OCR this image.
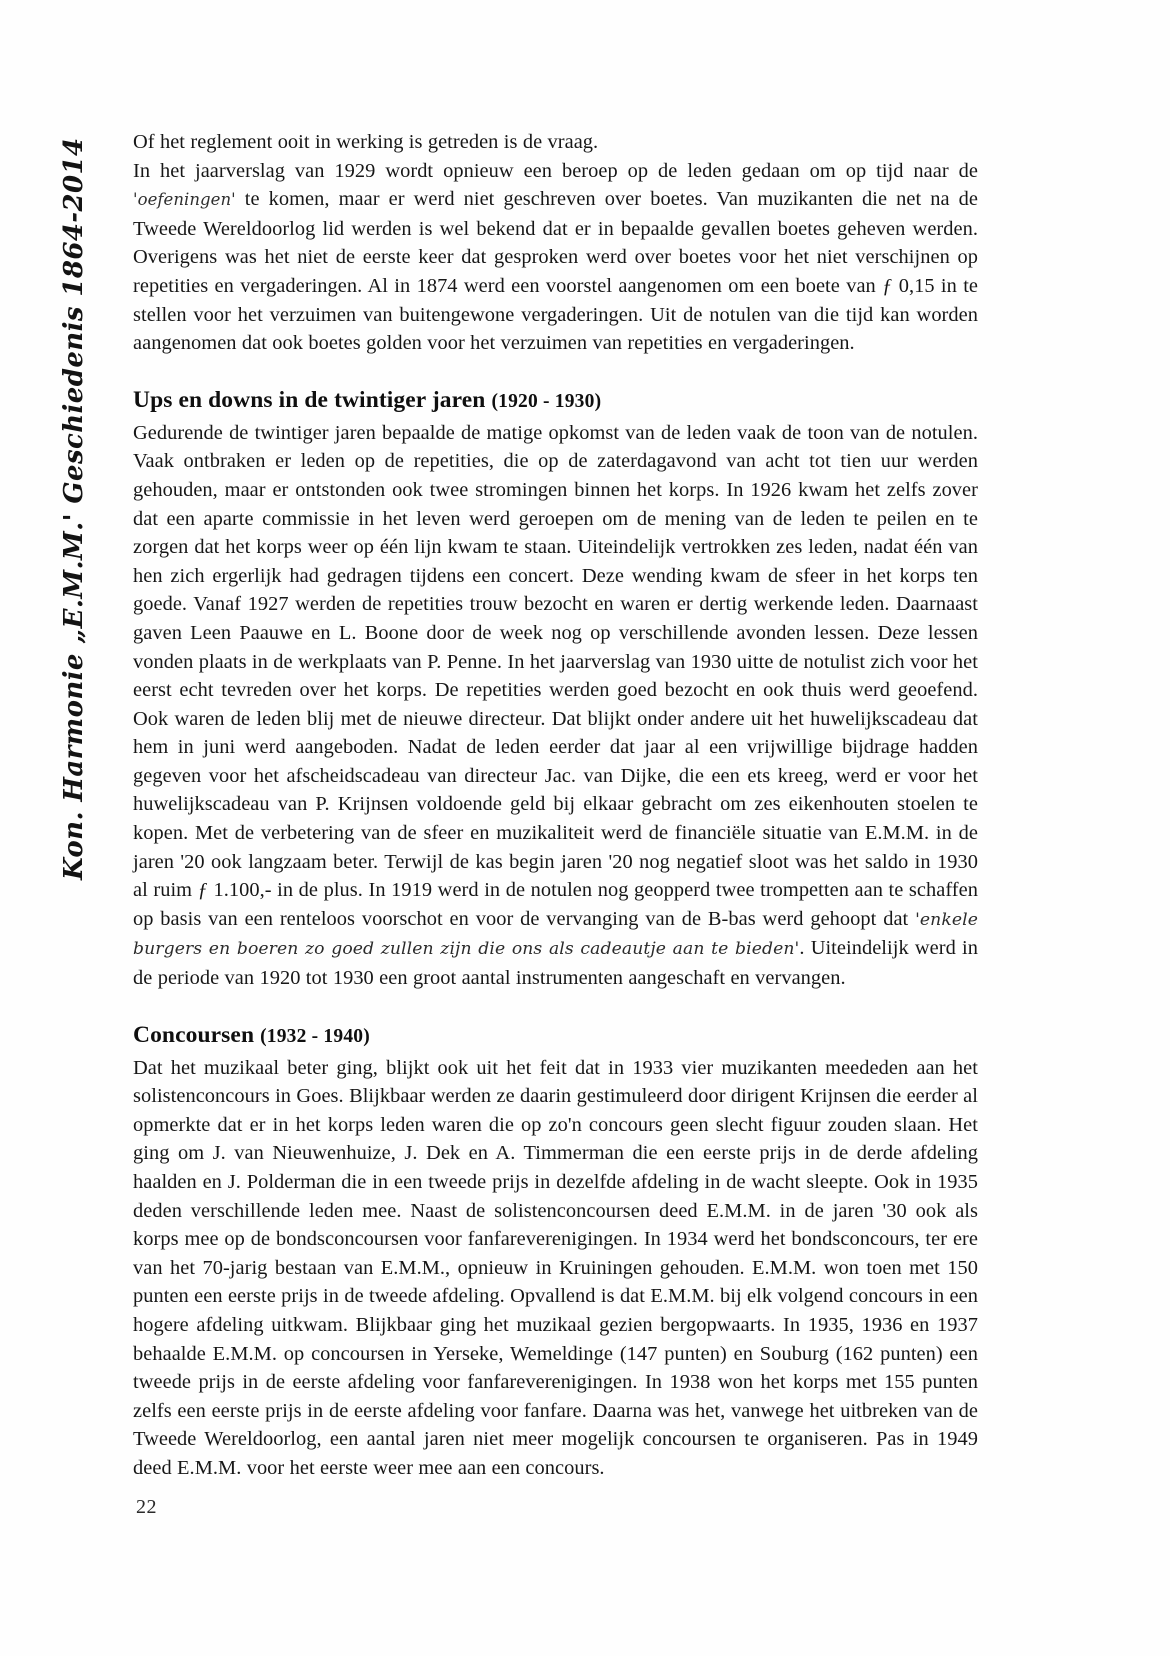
Kon. Harmonie „E.M.M.' Geschiedenis 1864-2014	Of het reglement ooit in werking is getreden is de vraag.

In het jaarverslag van 1929 wordt opnieuw een beroep op de leden gedaan om op tijd naar de 'oefeningen' te komen, maar er werd niet geschreven over boetes. Van muzikanten die net na de Tweede Wereldoorlog lid werden is wel bekend dat er in bepaalde gevallen boetes geheven werden. Overigens was het niet de eerste keer dat gesproken werd over boetes voor het niet verschijnen op repetities en vergaderingen. Al in 1874 werd een voorstel aangenomen om een boete van ƒ 0,15 in te stellen voor het verzuimen van buitengewone vergaderingen. Uit de notulen van die tijd kan worden aangenomen dat ook boetes golden voor het verzuimen van repetities en vergaderingen.

Ups en downs in de twintiger jaren (1920 - 1930)

Gedurende de twintiger jaren bepaalde de matige opkomst van de leden vaak de toon van de notulen. Vaak ontbraken er leden op de repetities, die op de zaterdagavond van acht tot tien uur werden gehouden, maar er ontstonden ook twee stromingen binnen het korps. In 1926 kwam het zelfs zover dat een aparte commissie in het leven werd geroepen om de mening van de leden te peilen en te zorgen dat het korps weer op één lijn kwam te staan. Uiteindelijk vertrokken zes leden, nadat één van hen zich ergerlijk had gedragen tijdens een concert. Deze wending kwam de sfeer in het korps ten goede. Vanaf 1927 werden de repetities trouw bezocht en waren er dertig werkende leden. Daarnaast gaven Leen Paauwe en L. Boone door de week nog op verschillende avonden lessen. Deze lessen vonden plaats in de werkplaats van P. Penne. In het jaarverslag van 1930 uitte de notulist zich voor het eerst echt tevreden over het korps. De repetities werden goed bezocht en ook thuis werd geoefend. Ook waren de leden blij met de nieuwe directeur. Dat blijkt onder andere uit het huwelijkscadeau dat hem in juni werd aangeboden. Nadat de leden eerder dat jaar al een vrijwillige bijdrage hadden gegeven voor het afscheidscadeau van directeur Jac. van Dijke, die een ets kreeg, werd er voor het huwelijkscadeau van P. Krijnsen voldoende geld bij elkaar gebracht om zes eikenhouten stoelen te kopen. Met de verbetering van de sfeer en muzikaliteit werd de financiële situatie van E.M.M. in de jaren '20 ook langzaam beter. Terwijl de kas begin jaren '20 nog negatief sloot was het saldo in 1930 al ruim ƒ 1.100,- in de plus. In 1919 werd in de notulen nog geopperd twee trompetten aan te schaffen op basis van een renteloos voorschot en voor de vervanging van de B-bas werd gehoopt dat 'enkele burgers en boeren zo goed zullen zijn die ons als cadeautje aan te bieden'. Uiteindelijk werd in de periode van 1920 tot 1930 een groot aantal instrumenten aangeschaft en vervangen.

Concoursen (1932 - 1940)

Dat het muzikaal beter ging, blijkt ook uit het feit dat in 1933 vier muzikanten meededen aan het solistenconcours in Goes. Blijkbaar werden ze daarin gestimuleerd door dirigent Krijnsen die eerder al opmerkte dat er in het korps leden waren die op zo'n concours geen slecht figuur zouden slaan. Het ging om J. van Nieuwenhuize, J. Dek en A. Timmerman die een eerste prijs in de derde afdeling haalden en J. Polderman die in een tweede prijs in dezelfde afdeling in de wacht sleepte. Ook in 1935 deden verschillende leden mee. Naast de solistenconcoursen deed E.M.M. in de jaren '30 ook als korps mee op de bondsconcoursen voor fanfareverenigingen. In 1934 werd het bondsconcours, ter ere van het 70-jarig bestaan van E.M.M., opnieuw in Kruiningen gehouden. E.M.M. won toen met 150 punten een eerste prijs in de tweede afdeling. Opvallend is dat E.M.M. bij elk volgend concours in een hogere afdeling uitkwam. Blijkbaar ging het muzikaal gezien bergopwaarts. In 1935, 1936 en 1937 behaalde E.M.M. op concoursen in Yerseke, Wemeldinge (147 punten) en Souburg (162 punten) een tweede prijs in de eerste afdeling voor fanfareverenigingen. In 1938 won het korps met 155 punten zelfs een eerste prijs in de eerste afdeling voor fanfare. Daarna was het, vanwege het uitbreken van de Tweede Wereldoorlog, een aantal jaren niet meer mogelijk concoursen te organiseren. Pas in 1949 deed E.M.M. voor het eerste weer mee aan een concours.

22
